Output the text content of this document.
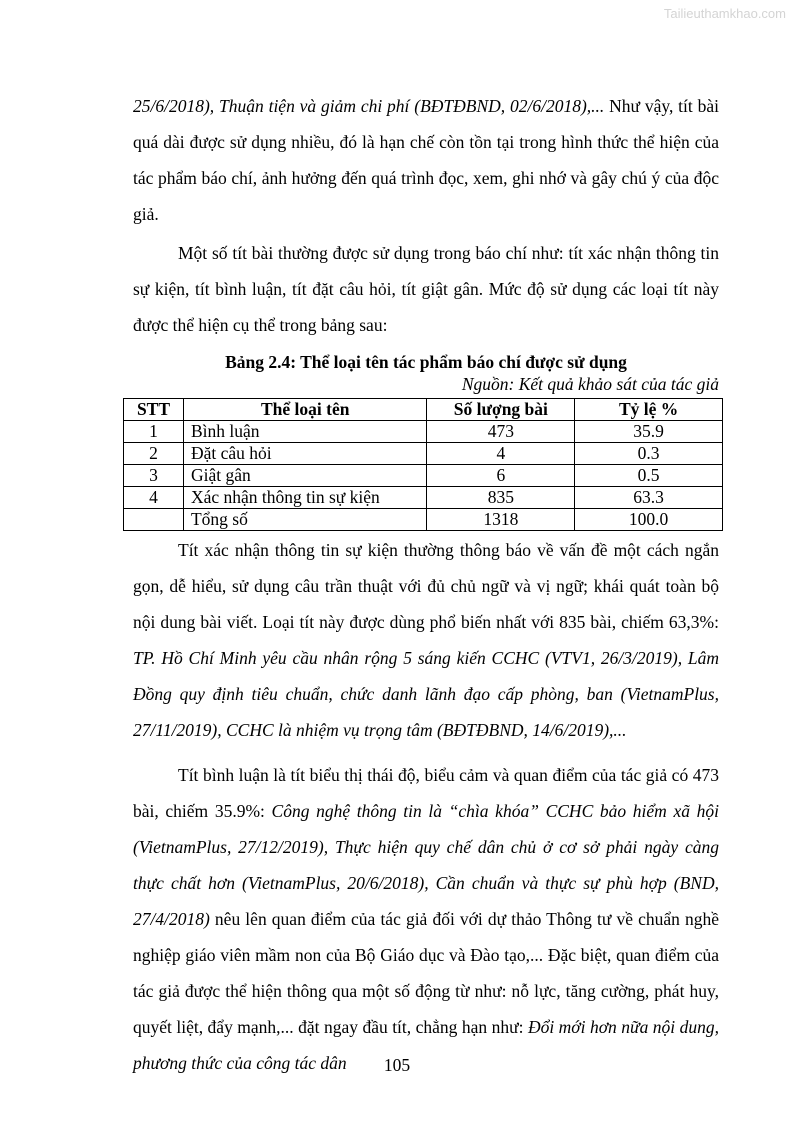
Tailieuthamkhao.com

25/6/2018), Thuận tiện và giảm chi phí (BĐTĐBND, 02/6/2018),... Như vậy, tít bài quá dài được sử dụng nhiều, đó là hạn chế còn tồn tại trong hình thức thể hiện của tác phẩm báo chí, ảnh hưởng đến quá trình đọc, xem, ghi nhớ và gây chú ý của độc giả.

Một số tít bài thường được sử dụng trong báo chí như: tít xác nhận thông tin sự kiện, tít bình luận, tít đặt câu hỏi, tít giật gân. Mức độ sử dụng các loại tít này được thể hiện cụ thể trong bảng sau:

Bảng 2.4: Thể loại tên tác phẩm báo chí được sử dụng
Nguồn: Kết quả khảo sát của tác giả
STT	Thể loại tên	Số lượng bài	Tỷ lệ %
1	Bình luận	473	35.9
2	Đặt câu hỏi	4	0.3
3	Giật gân	6	0.5
4	Xác nhận thông tin sự kiện	835	63.3
	Tổng số	1318	100.0

Tít xác nhận thông tin sự kiện thường thông báo về vấn đề một cách ngắn gọn, dễ hiểu, sử dụng câu trần thuật với đủ chủ ngữ và vị ngữ; khái quát toàn bộ nội dung bài viết. Loại tít này được dùng phổ biến nhất với 835 bài, chiếm 63,3%: TP. Hồ Chí Minh yêu cầu nhân rộng 5 sáng kiến CCHC (VTV1, 26/3/2019), Lâm Đồng quy định tiêu chuẩn, chức danh lãnh đạo cấp phòng, ban (VietnamPlus, 27/11/2019), CCHC là nhiệm vụ trọng tâm (BĐTĐBND, 14/6/2019),...

Tít bình luận là tít biểu thị thái độ, biểu cảm và quan điểm của tác giả có 473 bài, chiếm 35.9%: Công nghệ thông tin là “chìa khóa” CCHC bảo hiểm xã hội (VietnamPlus, 27/12/2019), Thực hiện quy chế dân chủ ở cơ sở phải ngày càng thực chất hơn (VietnamPlus, 20/6/2018), Cần chuẩn và thực sự phù hợp (BND, 27/4/2018) nêu lên quan điểm của tác giả đối với dự thảo Thông tư về chuẩn nghề nghiệp giáo viên mầm non của Bộ Giáo dục và Đào tạo,... Đặc biệt, quan điểm của tác giả được thể hiện thông qua một số động từ như: nỗ lực, tăng cường, phát huy, quyết liệt, đẩy mạnh,... đặt ngay đầu tít, chẳng hạn như: Đổi mới hơn nữa nội dung, phương thức của công tác dân	105
